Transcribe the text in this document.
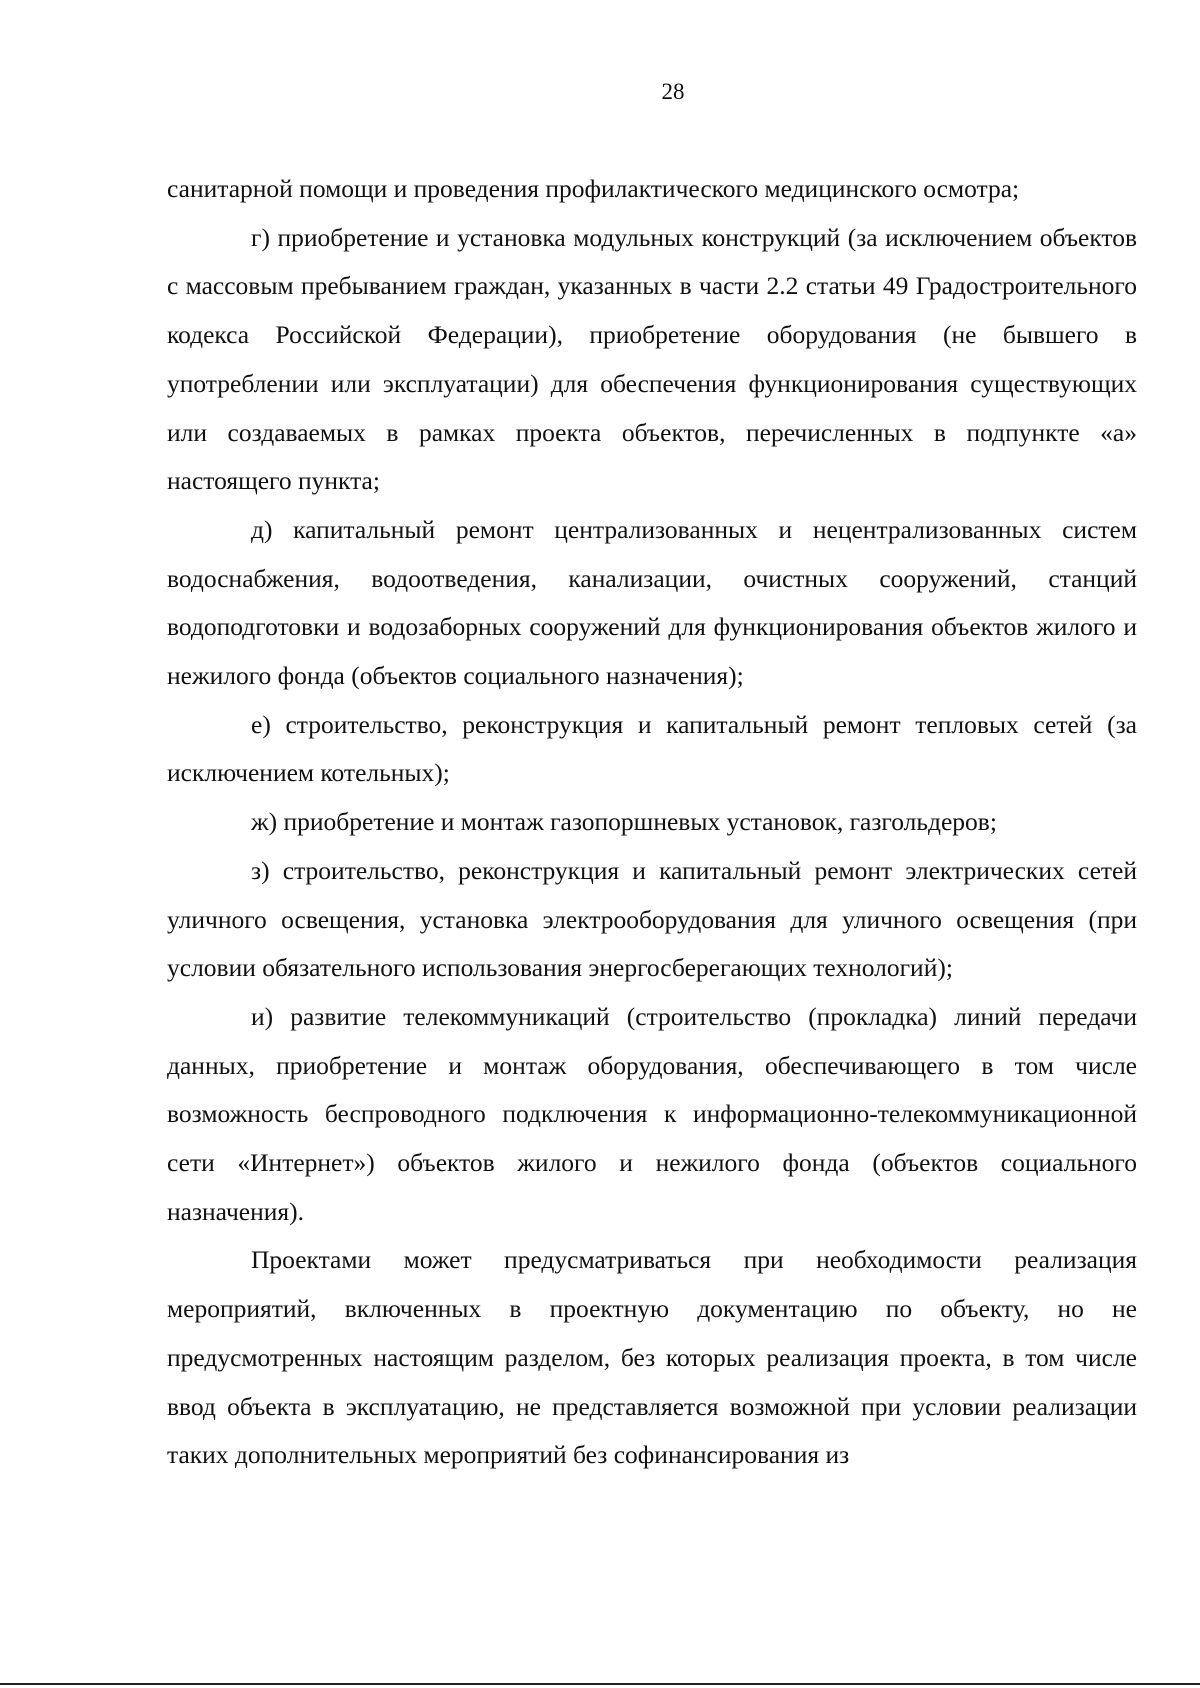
28

санитарной помощи и проведения профилактического медицинского осмотра;

г) приобретение и установка модульных конструкций (за исключением объектов с массовым пребыванием граждан, указанных в части 2.2 статьи 49 Градостроительного кодекса Российской Федерации), приобретение оборудования (не бывшего в употреблении или эксплуатации) для обеспечения функционирования существующих или создаваемых в рамках проекта объектов, перечисленных в подпункте «а» настоящего пункта;

д) капитальный ремонт централизованных и нецентрализованных систем водоснабжения, водоотведения, канализации, очистных сооружений, станций водоподготовки и водозаборных сооружений для функционирования объектов жилого и нежилого фонда (объектов социального назначения);

е) строительство, реконструкция и капитальный ремонт тепловых сетей (за исключением котельных);

ж) приобретение и монтаж газопоршневых установок, газгольдеров;

з) строительство, реконструкция и капитальный ремонт электрических сетей уличного освещения, установка электрооборудования для уличного освещения (при условии обязательного использования энергосберегающих технологий);

и) развитие телекоммуникаций (строительство (прокладка) линий передачи данных, приобретение и монтаж оборудования, обеспечивающего в том числе возможность беспроводного подключения к информационно-телекоммуникационной сети «Интернет») объектов жилого и нежилого фонда (объектов социального назначения).

Проектами может предусматриваться при необходимости реализация мероприятий, включенных в проектную документацию по объекту, но не предусмотренных настоящим разделом, без которых реализация проекта, в том числе ввод объекта в эксплуатацию, не представляется возможной при условии реализации таких дополнительных мероприятий без софинансирования из
